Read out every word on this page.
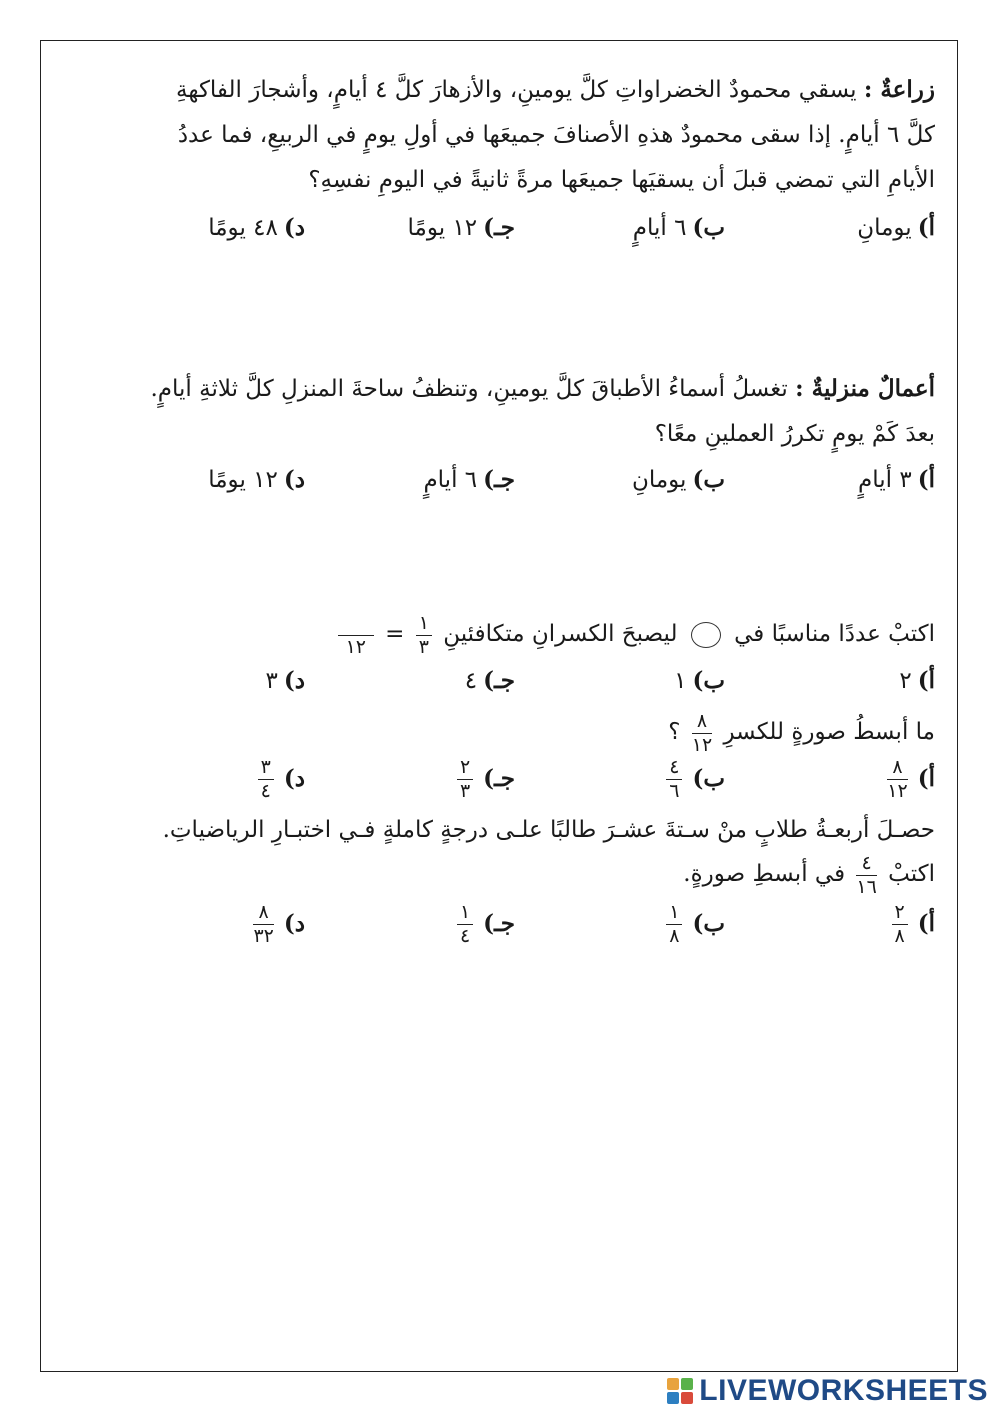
زراعةٌ : يسقي محمودٌ الخضراواتِ كلَّ يومينِ، والأزهارَ كلَّ ٤ أيامٍ، وأشجارَ الفاكهةِ
كلَّ ٦ أيامٍ. إذا سقى محمودٌ هذهِ الأصنافَ جميعَها في أولِ يومٍ في الربيعِ، فما عددُ
الأيامِ التي تمضي قبلَ أن يسقيَها جميعَها مرةً ثانيةً في اليومِ نفسِهِ؟
أ)يومانِ
ب)٦ أيامٍ
جـ)١٢ يومًا
د)٤٨ يومًا
أعمالٌ منزليةٌ : تغسلُ أسماءُ الأطباقَ كلَّ يومينِ، وتنظفُ ساحةَ المنزلِ كلَّ ثلاثةِ أيامٍ.
بعدَ كَمْ يومٍ تكررُ العملينِ معًا؟
أ)٣ أيامٍ
ب)يومانِ
جـ)٦ أيامٍ
د)١٢ يومًا
اكتبْ عددًا مناسبًا في  ليصبحَ الكسرانِ متكافئينِ
$\frac{١}{٣}$
=
١٢
أ)٢
ب)١
جـ)٤
د)٣
ما أبسطُ صورةٍ للكسرِ
$\frac{٨}{١٢}$
؟
أ)
$\frac{٨}{١٢}$
ب)
$\frac{٤}{٦}$
جـ)
$\frac{٢}{٣}$
د)
$\frac{٣}{٤}$
حصـلَ أربعـةُ طلابٍ منْ سـتةَ عشـرَ طالبًا علـى درجةٍ كاملةٍ فـي اختبـارِ الرياضياتِ.
اكتبْ
$\frac{٤}{١٦}$
في أبسطِ صورةٍ.
أ)
$\frac{٢}{٨}$
ب)
$\frac{١}{٨}$
جـ)
$\frac{١}{٤}$
د)
$\frac{٨}{٣٢}$
LIVEWORKSHEETS
